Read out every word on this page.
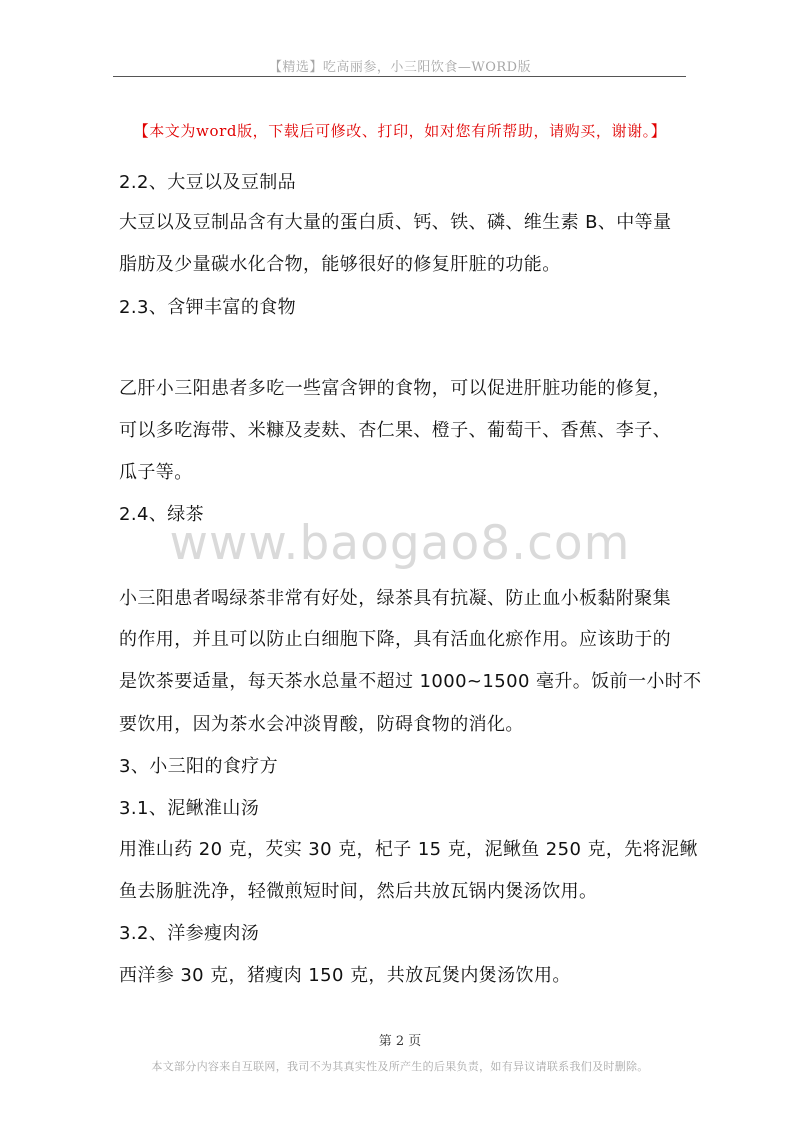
【精选】吃高丽参，小三阳饮食—WORD版
【本文为word版，下载后可修改、打印，如对您有所帮助，请购买，谢谢。】
www.baogao8.com
2.2、大豆以及豆制品
大豆以及豆制品含有大量的蛋白质、钙、铁、磷、维生素 B、中等量
脂肪及少量碳水化合物，能够很好的修复肝脏的功能。
2.3、含钾丰富的食物
乙肝小三阳患者多吃一些富含钾的食物，可以促进肝脏功能的修复，
可以多吃海带、米糠及麦麸、杏仁果、橙子、葡萄干、香蕉、李子、
瓜子等。
2.4、绿茶
小三阳患者喝绿茶非常有好处，绿茶具有抗凝、防止血小板黏附聚集
的作用，并且可以防止白细胞下降，具有活血化瘀作用。应该助于的
是饮茶要适量，每天茶水总量不超过 1000~1500 毫升。饭前一小时不
要饮用，因为茶水会冲淡胃酸，防碍食物的消化。
3、小三阳的食疗方
3.1、泥鳅淮山汤
用淮山药 20 克，芡实 30 克，杞子 15 克，泥鳅鱼 250 克，先将泥鳅
鱼去肠脏洗净，轻微煎短时间，然后共放瓦锅内煲汤饮用。
3.2、洋参瘦肉汤
西洋参 30 克，猪瘦肉 150 克，共放瓦煲内煲汤饮用。
第 2 页
本文部分内容来自互联网，我司不为其真实性及所产生的后果负责，如有异议请联系我们及时删除。
